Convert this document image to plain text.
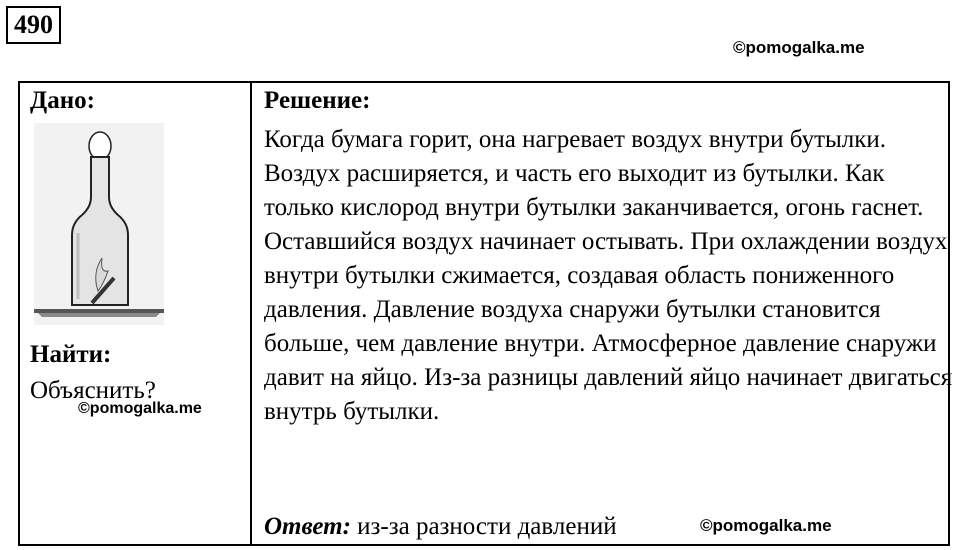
490
©pomogalka.me
Дано:
Найти:
Объяснить?

Решение:
Когда бумага горит, она нагревает воздух внутри бутылки. Воздух расширяется, и часть его выходит из бутылки. Как только кислород внутри бутылки заканчивается, огонь гаснет. Оставшийся воздух начинает остывать. При охлаждении воздух внутри бутылки сжимается, создавая область пониженного давления. Давление воздуха снаружи бутылки становится больше, чем давление внутри. Атмосферное давление снаружи давит на яйцо. Из-за разницы давлений яйцо начинает двигаться внутрь бутылки.
Ответ: из-за разности давлений
©pomogalka.me
©pomogalka.me
